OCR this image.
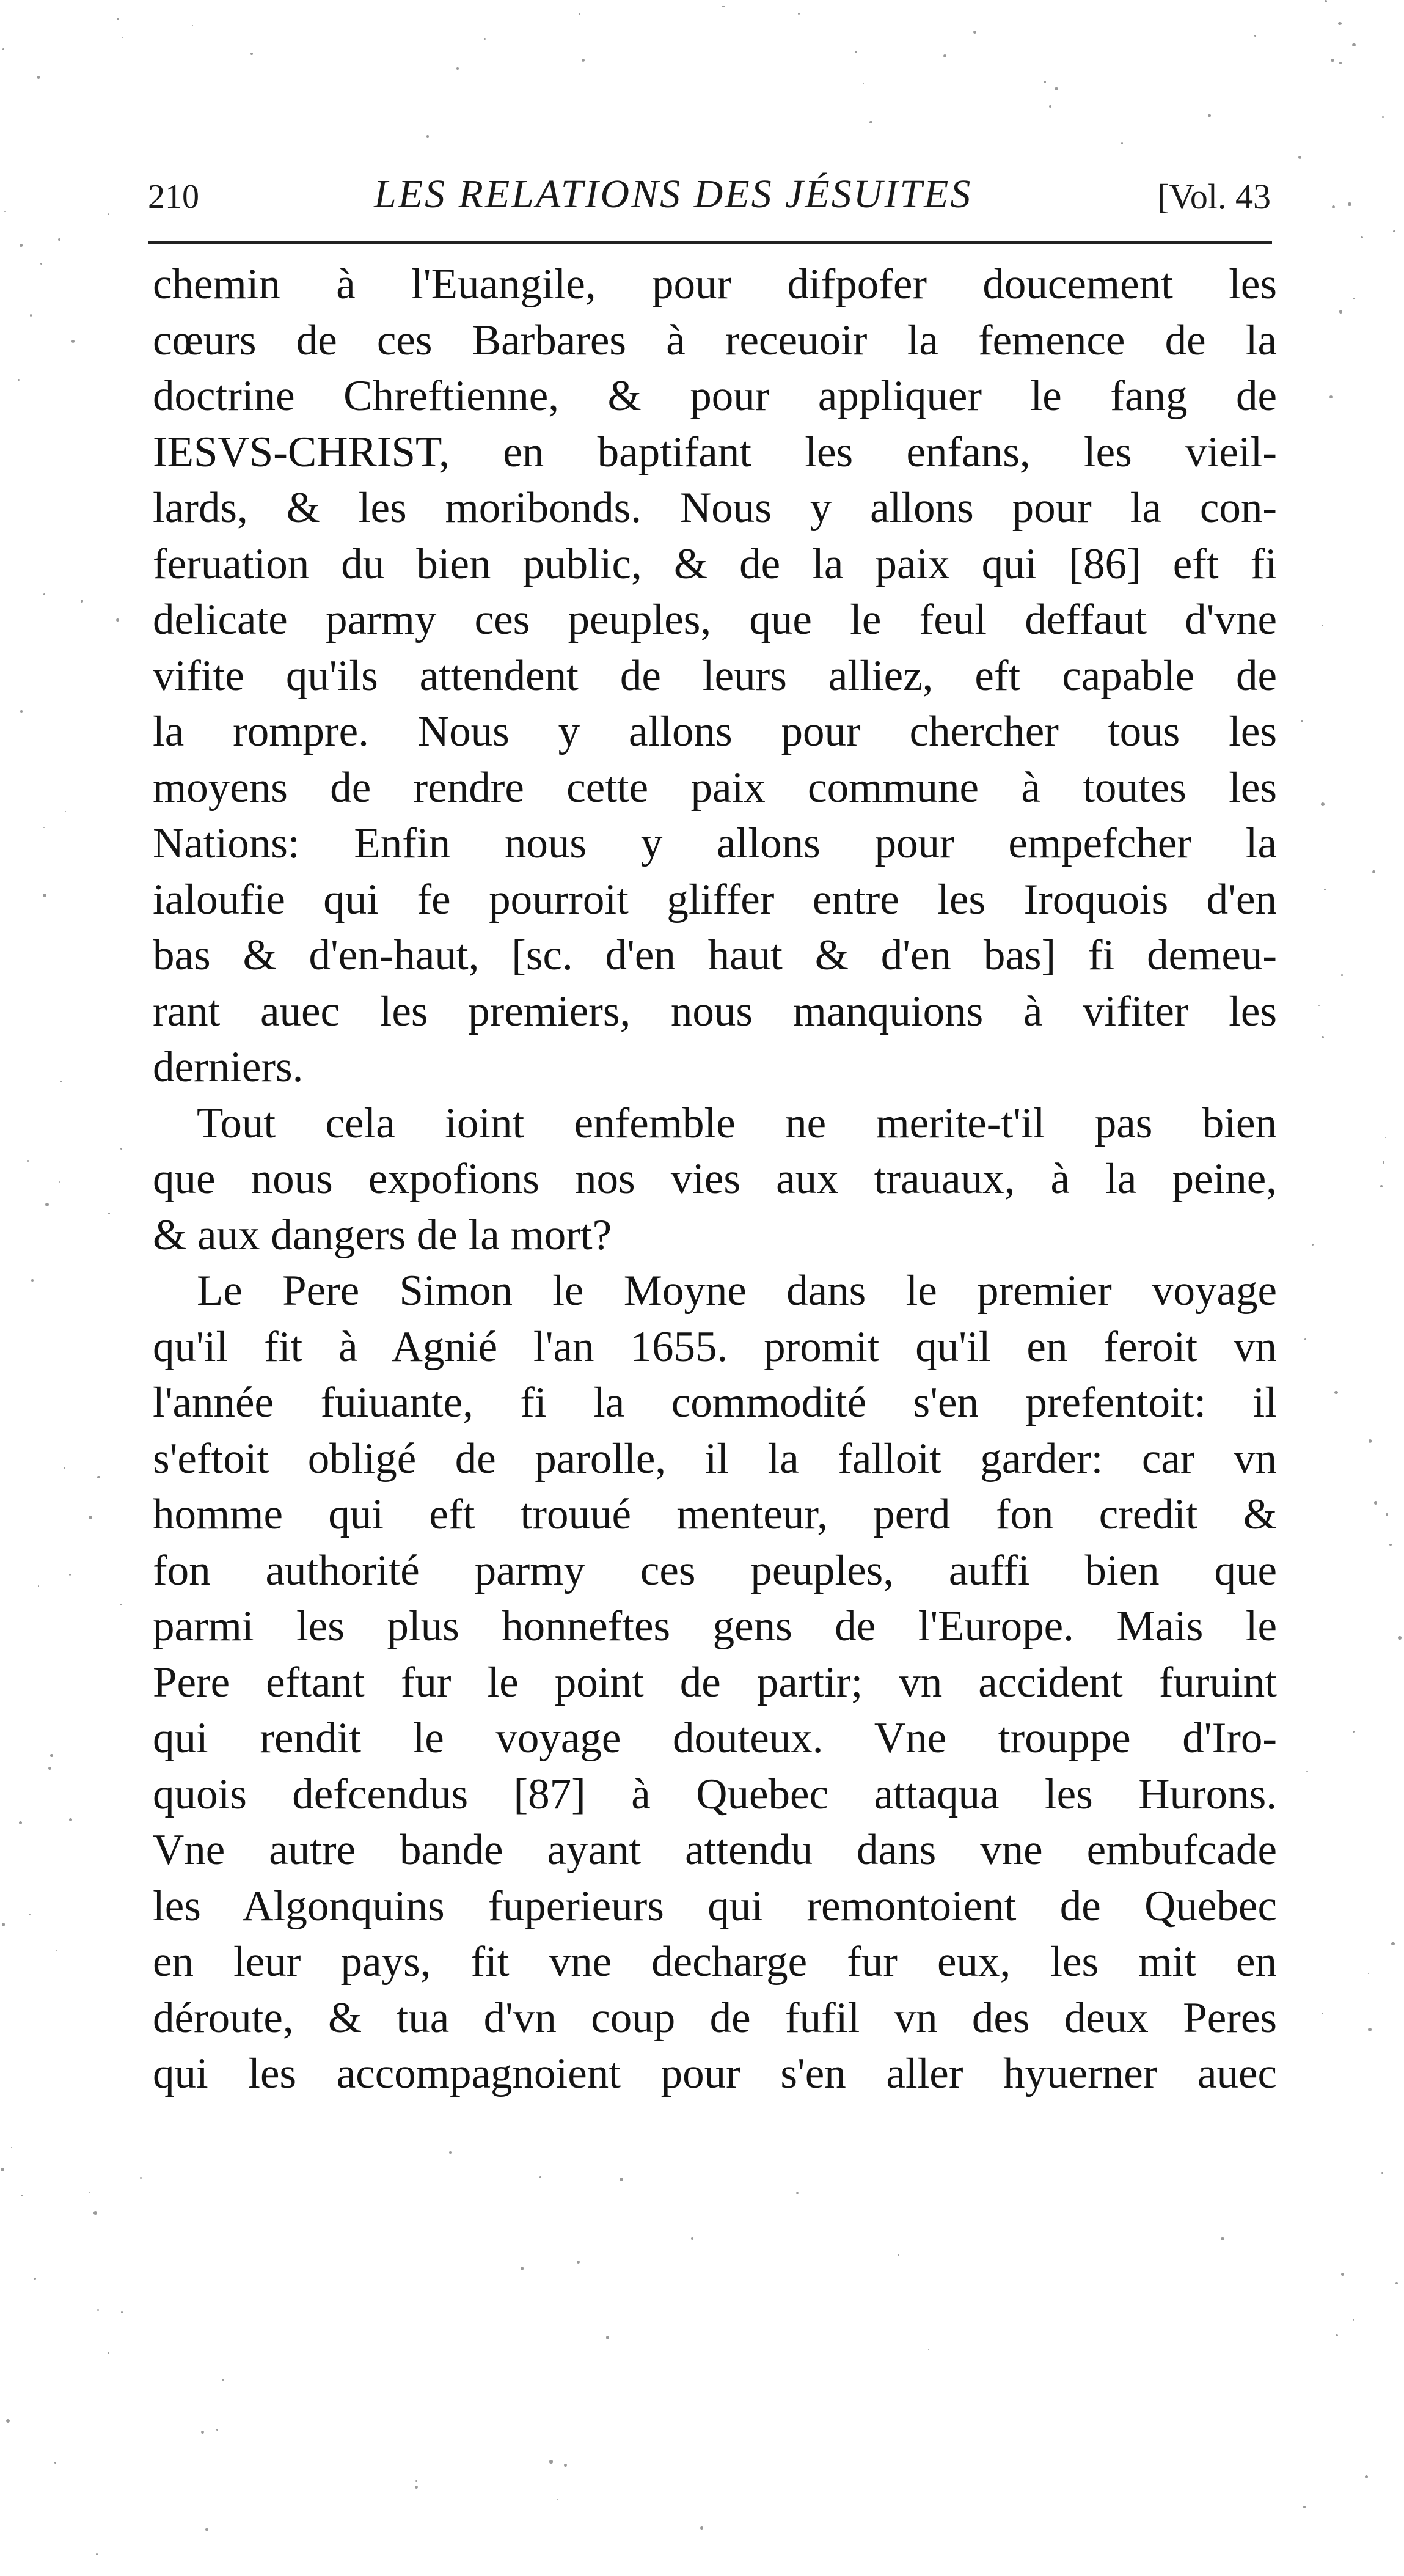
210	LES RELATIONS DES JÉSUITES	[Vol. 43
chemin à l'Euangile, pour difpofer doucement les
cœurs de ces Barbares à receuoir la femence de la
doctrine Chreftienne, & pour appliquer le fang de
IESVS-CHRIST, en baptifant les enfans, les vieil-
lards, & les moribonds. Nous y allons pour la con-
feruation du bien public, & de la paix qui [86] eft fi
delicate parmy ces peuples, que le feul deffaut d'vne
vifite qu'ils attendent de leurs alliez, eft capable de
la rompre. Nous y allons pour chercher tous les
moyens de rendre cette paix commune à toutes les
Nations: Enfin nous y allons pour empefcher la
ialoufie qui fe pourroit gliffer entre les Iroquois d'en
bas & d'en-haut, [sc. d'en haut & d'en bas] fi demeu-
rant auec les premiers, nous manquions à vifiter les
derniers.
Tout cela ioint enfemble ne merite-t'il pas bien
que nous expofions nos vies aux trauaux, à la peine,
& aux dangers de la mort?
Le Pere Simon le Moyne dans le premier voyage
qu'il fit à Agnié l'an 1655. promit qu'il en feroit vn
l'année fuiuante, fi la commodité s'en prefentoit: il
s'eftoit obligé de parolle, il la falloit garder: car vn
homme qui eft trouué menteur, perd fon credit &
fon authorité parmy ces peuples, auffi bien que
parmi les plus honneftes gens de l'Europe. Mais le
Pere eftant fur le point de partir; vn accident furuint
qui rendit le voyage douteux. Vne trouppe d'Iro-
quois defcendus [87] à Quebec attaqua les Hurons.
Vne autre bande ayant attendu dans vne embufcade
les Algonquins fuperieurs qui remontoient de Quebec
en leur pays, fit vne decharge fur eux, les mit en
déroute, & tua d'vn coup de fufil vn des deux Peres
qui les accompagnoient pour s'en aller hyuerner auec
